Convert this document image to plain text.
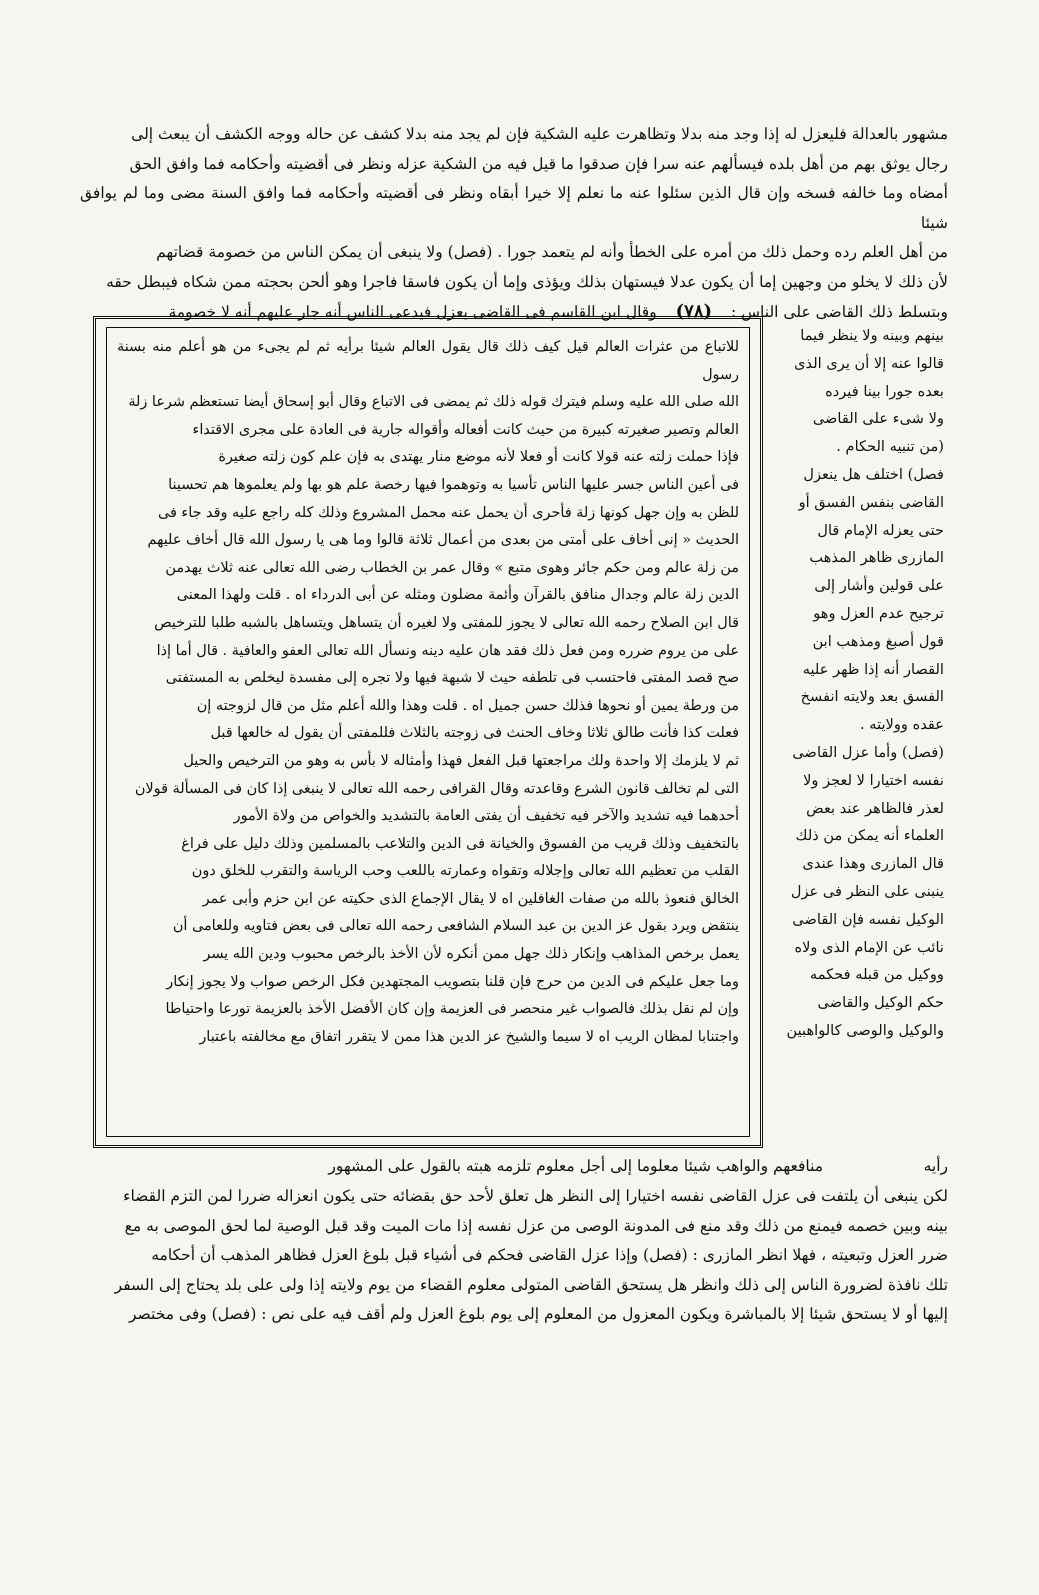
مشهور بالعدالة فليعزل له إذا وجد منه بدلا وتظاهرت عليه الشكية فإن لم يجد منه بدلا كشف عن حاله ووجه الكشف أن يبعث إلى

رجال يوثق بهم من أهل بلده فيسألهم عنه سرا فإن صدقوا ما قيل فيه من الشكية عزله ونظر فى أقضيته وأحكامه فما وافق الحق

أمضاه وما خالفه فسخه وإن قال الذين سئلوا عنه ما نعلم إلا خيرا أبقاه ونظر فى أقضيته وأحكامه فما وافق السنة مضى وما لم يوافق شيئا

من أهل العلم رده وحمل ذلك من أمره على الخطأ وأنه لم يتعمد جورا . (فصل) ولا ينبغى أن يمكن الناس من خصومة قضاتهم

لأن ذلك لا يخلو من وجهين إما أن يكون عدلا فيستهان بذلك ويؤذى وإما أن يكون فاسقا فاجرا وهو ألحن بحجته ممن شكاه فيبطل حقه

وبتسلط ذلك القاضى على الناس : (٧٨) وقال ابن القاسم فى القاضى يعزل فيدعى الناس أنه جار عليهم أنه لا خصومة

بينهم وبينه ولا ينظر فيما

قالوا عنه إلا أن يرى الذى

بعده جورا بينا فيرده

ولا شىء على القاضى

(من تنبيه الحكام .

فصل) اختلف هل ينعزل

القاضى بنفس الفسق أو

حتى يعزله الإمام قال

المازرى ظاهر المذهب

على قولين وأشار إلى

ترجيح عدم العزل وهو

قول أصبغ ومذهب ابن

القصار أنه إذا ظهر عليه

الفسق بعد ولايته انفسخ

عقده وولايته .

(فصل) وأما عزل القاضى

نفسه اختيارا لا لعجز ولا

لعذر فالظاهر عند بعض

العلماء أنه يمكن من ذلك

قال المازرى وهذا عندى

ينبنى على النظر فى عزل

الوكيل نفسه فإن القاضى

نائب عن الإمام الذى ولاه

ووكيل من قبله فحكمه

حكم الوكيل والقاضى

والوكيل والوصى كالواهبين

للاتباع من عثرات العالم قيل كيف ذلك قال يقول العالم شيئا برأيه ثم لم يجىء من هو أعلم منه بسنة رسول

الله صلى الله عليه وسلم فيترك قوله ذلك ثم يمضى فى الاتباع وقال أبو إسحاق أيضا تستعظم شرعا زلة

العالم وتصير صغيرته كبيرة من حيث كانت أفعاله وأقواله جارية فى العادة على مجرى الاقتداء

فإذا حملت زلته عنه قولا كانت أو فعلا لأنه موضع منار يهتدى به فإن علم كون زلته صغيرة

فى أعين الناس جسر عليها الناس تأسيا به وتوهموا فيها رخصة علم هو بها ولم يعلموها هم تحسينا

للظن به وإن جهل كونها زلة فأحرى أن يحمل عنه محمل المشروع وذلك كله راجع عليه وقد جاء فى

الحديث « إنى أخاف على أمتى من بعدى من أعمال ثلاثة قالوا وما هى يا رسول الله قال أخاف عليهم

من زلة عالم ومن حكم جائر وهوى متبع » وقال عمر بن الخطاب رضى الله تعالى عنه ثلاث يهدمن

الدين زلة عالم وجدال منافق بالقرآن وأئمة مضلون ومثله عن أبى الدرداء اه . قلت ولهذا المعنى

قال ابن الصلاح رحمه الله تعالى لا يجوز للمفتى ولا لغيره أن يتساهل ويتساهل بالشبه طلبا للترخيص

على من يروم ضرره ومن فعل ذلك فقد هان عليه دينه ونسأل الله تعالى العفو والعافية . قال أما إذا

صح قصد المفتى فاحتسب فى تلطفه حيث لا شبهة فيها ولا تجره إلى مفسدة ليخلص به المستفتى

من ورطة يمين أو نحوها فذلك حسن جميل اه . قلت وهذا والله أعلم مثل من قال لزوجته إن

فعلت كذا فأنت طالق ثلاثا وخاف الحنث فى زوجته بالثلاث فللمفتى أن يقول له خالعها قبل

ثم لا يلزمك إلا واحدة ولك مراجعتها قبل الفعل فهذا وأمثاله لا بأس به وهو من الترخيص والحيل

التى لم تخالف قانون الشرع وقاعدته وقال القرافى رحمه الله تعالى لا ينبغى إذا كان فى المسألة قولان

أحدهما فيه تشديد والآخر فيه تخفيف أن يفتى العامة بالتشديد والخواص من ولاة الأمور

بالتخفيف وذلك قريب من الفسوق والخيانة فى الدين والتلاعب بالمسلمين وذلك دليل على فراغ

القلب من تعظيم الله تعالى وإجلاله وتقواه وعمارته باللعب وحب الرياسة والتقرب للخلق دون

الخالق فنعوذ بالله من صفات الغافلين اه لا يقال الإجماع الذى حكيته عن ابن حزم وأبى عمر

ينتقض ويرد بقول عز الدين بن عبد السلام الشافعى رحمه الله تعالى فى بعض فتاويه وللعامى أن

يعمل برخص المذاهب وإنكار ذلك جهل ممن أنكره لأن الأخذ بالرخص محبوب ودين الله يسر

وما جعل عليكم فى الدين من حرج فإن قلنا بتصويب المجتهدين فكل الرخص صواب ولا يجوز إنكار

وإن لم نقل بذلك فالصواب غير منحصر فى العزيمة وإن كان الأفضل الأخذ بالعزيمة تورعا واحتياطا

واجتنابا لمظان الريب اه لا سيما والشيخ عز الدين هذا ممن لا يتقرر اتفاق مع مخالفته باعتبار

رأيه منافعهم والواهب شيئا معلوما إلى أجل معلوم تلزمه هبته بالقول على المشهور

لكن ينبغى أن يلتفت فى عزل القاضى نفسه اختيارا إلى النظر هل تعلق لأحد حق بقضائه حتى يكون انعزاله ضررا لمن التزم القضاء

بينه وبين خصمه فيمنع من ذلك وقد منع فى المدونة الوصى من عزل نفسه إذا مات الميت وقد قبل الوصية لما لحق الموصى به مع

ضرر العزل وتبعيته ، فهلا انظر المازرى : (فصل) وإذا عزل القاضى فحكم فى أشياء قبل بلوغ العزل فظاهر المذهب أن أحكامه

تلك نافذة لضرورة الناس إلى ذلك وانظر هل يستحق القاضى المتولى معلوم القضاء من يوم ولايته إذا ولى على بلد يحتاج إلى السفر

إليها أو لا يستحق شيئا إلا بالمباشرة ويكون المعزول من المعلوم إلى يوم بلوغ العزل ولم أقف فيه على نص : (فصل) وفى مختصر
